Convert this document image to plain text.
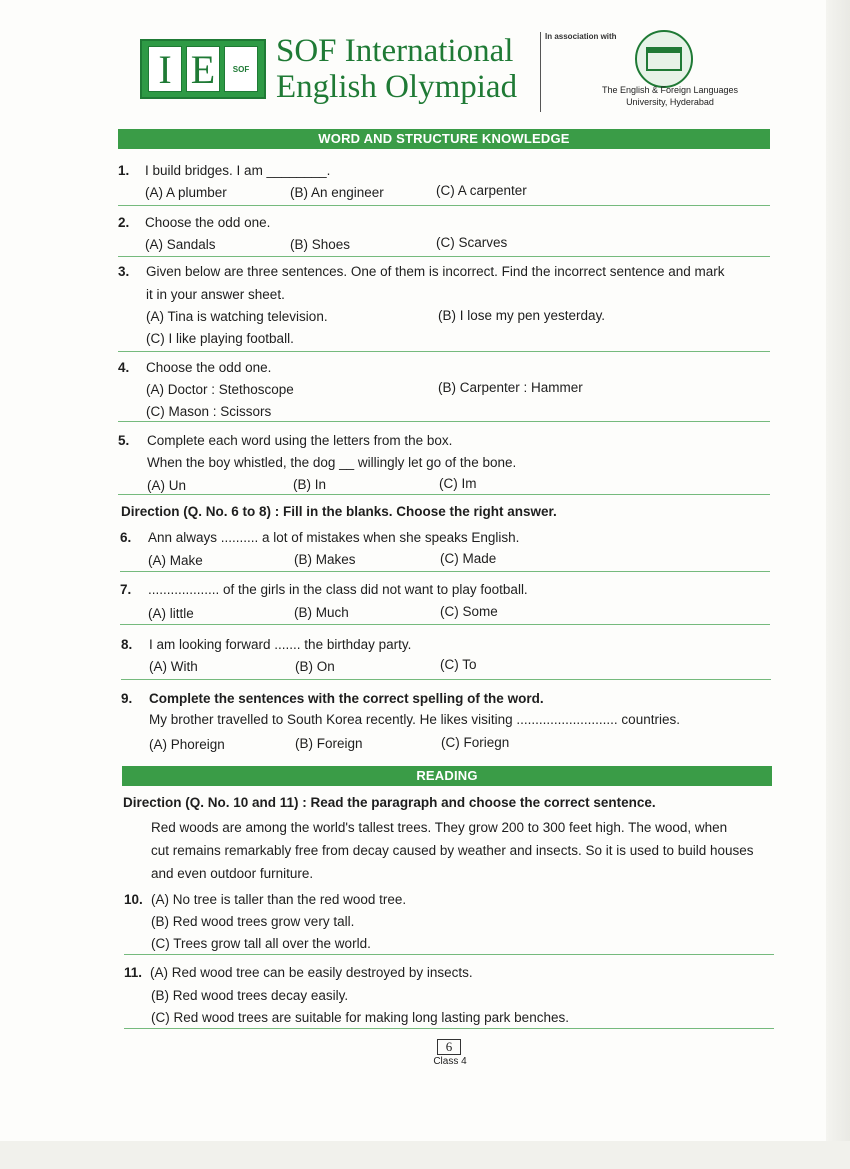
I E	SOF
SOF International
English Olympiad
In association with
The English & Foreign Languages
University, Hyderabad
WORD AND STRUCTURE KNOWLEDGE
1. I build bridges. I am ________.
(A) A plumber	(B) An engineer	(C) A carpenter
2. Choose the odd one.
(A) Sandals	(B) Shoes	(C) Scarves
3. Given below are three sentences. One of them is incorrect. Find the incorrect sentence and mark
it in your answer sheet.
(A) Tina is watching television.	(B) I lose my pen yesterday.
(C) I like playing football.
4. Choose the odd one.
(A) Doctor : Stethoscope	(B) Carpenter : Hammer
(C) Mason : Scissors
5. Complete each word using the letters from the box.
When the boy whistled, the dog __ willingly let go of the bone.
(A) Un	(B) In	(C) Im
Direction (Q. No. 6 to 8) : Fill in the blanks. Choose the right answer.
6. Ann always .......... a lot of mistakes when she speaks English.
(A) Make	(B) Makes	(C) Made
7. ................... of the girls in the class did not want to play football.
(A) little	(B) Much	(C) Some
8. I am looking forward ....... the birthday party.
(A) With	(B) On	(C) To
9. Complete the sentences with the correct spelling of the word.
My brother travelled to South Korea recently. He likes visiting ........................... countries.
(A) Phoreign	(B) Foreign	(C) Foriegn
READING
Direction (Q. No. 10 and 11) : Read the paragraph and choose the correct sentence.
Red woods are among the world's tallest trees. They grow 200 to 300 feet high. The wood, when
cut remains remarkably free from decay caused by weather and insects. So it is used to build houses
and even outdoor furniture.
10. (A) No tree is taller than the red wood tree.
(B) Red wood trees grow very tall.
(C) Trees grow tall all over the world.
11. (A) Red wood tree can be easily destroyed by insects.
(B) Red wood trees decay easily.
(C) Red wood trees are suitable for making long lasting park benches.
6
Class 4
